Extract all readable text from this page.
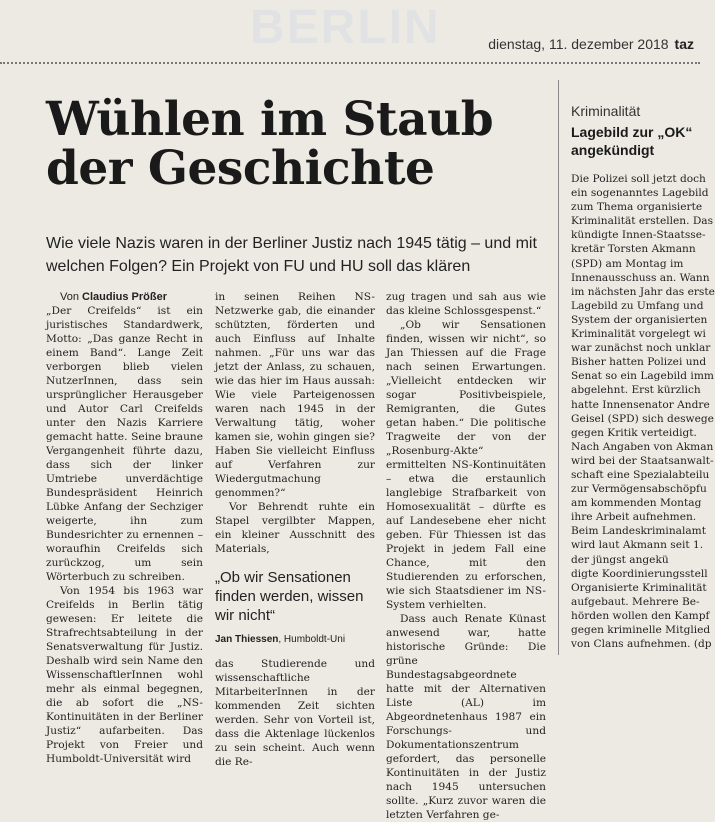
BERLIN	dienstag, 11. dezember 2018 taz
Wühlen im Staub
der Geschichte

Wie viele Nazis waren in der Berliner Justiz nach 1945 tätig – und mit welchen Folgen? Ein Projekt von FU und HU soll das klären

Von Claudius Prößer

„Der Creifelds“ ist ein juristisches Standardwerk, Motto: „Das ganze Recht in einem Band“. Lange Zeit verborgen blieb vielen NutzerInnen, dass sein ursprünglicher Herausgeber und Autor Carl Creifelds unter den Nazis Karriere gemacht hatte. Seine braune Vergangenheit führte dazu, dass sich der linker Umtriebe unverdächtige Bundespräsident Heinrich Lübke Anfang der Sechziger weigerte, ihn zum Bundesrichter zu ernennen – woraufhin Creifelds sich zurückzog, um sein Wörterbuch zu schreiben.

Von 1954 bis 1963 war Creifelds in Berlin tätig gewesen: Er leitete die Strafrechtsabteilung in der Senatsverwaltung für Justiz. Deshalb wird sein Name den WissenschaftlerInnen wohl mehr als einmal begegnen, die ab sofort die „NS-Kontinuitäten in der Berliner Justiz“ aufarbeiten. Das Projekt von Freier und Humboldt-Universität wird

in seinen Reihen NS-Netzwerke gab, die einander schützten, förderten und auch Einfluss auf Inhalte nahmen. „Für uns war das jetzt der Anlass, zu schauen, wie das hier im Haus aussah: Wie viele Parteigenossen waren nach 1945 in der Verwaltung tätig, woher kamen sie, wohin gingen sie? Haben Sie vielleicht Einfluss auf Verfahren zur Wiedergutmachung genommen?“

Vor Behrendt ruhte ein Stapel vergilbter Mappen, ein kleiner Ausschnitt des Materials,

„Ob wir Sensationen finden werden, wissen wir nicht“
Jan Thiessen, Humboldt-Uni

das Studierende und wissenschaftliche MitarbeiterInnen in der kommenden Zeit sichten werden. Sehr von Vorteil ist, dass die Aktenlage lückenlos zu sein scheint. Auch wenn die Re-

zug tragen und sah aus wie das kleine Schlossgespenst.“

„Ob wir Sensationen finden, wissen wir nicht“, so Jan Thiessen auf die Frage nach seinen Erwartungen. „Vielleicht entdecken wir sogar Positivbeispiele, Remigranten, die Gutes getan haben.“ Die politische Tragweite der von der „Rosenburg-Akte“ ermittelten NS-Kontinuitäten – etwa die erstaunlich langlebige Strafbarkeit von Homosexualität – dürfte es auf Landesebene eher nicht geben. Für Thiessen ist das Projekt in jedem Fall eine Chance, mit den Studierenden zu erforschen, wie sich Staatsdiener im NS-System verhielten.

Dass auch Renate Künast anwesend war, hatte historische Gründe: Die grüne Bundestagsabgeordnete hatte mit der Alternativen Liste (AL) im Abgeordnetenhaus 1987 ein Forschungs- und Dokumentationszentrum gefordert, das personelle Kontinuitäten in der Justiz nach 1945 untersuchen sollte. „Kurz zuvor waren die letzten Verfahren ge-

Kriminalität
Lagebild zur „OK“ angekündigt
Die Polizei soll jetzt doch
ein sogenanntes Lagebild
zum Thema organisierte
Kriminalität erstellen. Das
kündigte Innen-Staatsse-
kretär Torsten Akmann
(SPD) am Montag im
Innenausschuss an. Wann
im nächsten Jahr das erste
Lagebild zu Umfang und
System der organisierten
Kriminalität vorgelegt wi
war zunächst noch unklar
Bisher hatten Polizei und
Senat so ein Lagebild imm
abgelehnt. Erst kürzlich
hatte Innensenator Andre
Geisel (SPD) sich deswege
gegen Kritik verteidigt.
Nach Angaben von Akman
wird bei der Staatsanwalt-
schaft eine Spezialabteilu
zur Vermögensabschöpfu
am kommenden Montag
ihre Arbeit aufnehmen.
Beim Landeskriminalamt
wird laut Akmann seit 1.
der jüngst angekü
digte Koordinierungsstell
Organisierte Kriminalität
aufgebaut. Mehrere Be-
hörden wollen den Kampf
gegen kriminelle Mitglied
von Clans aufnehmen. (dp
